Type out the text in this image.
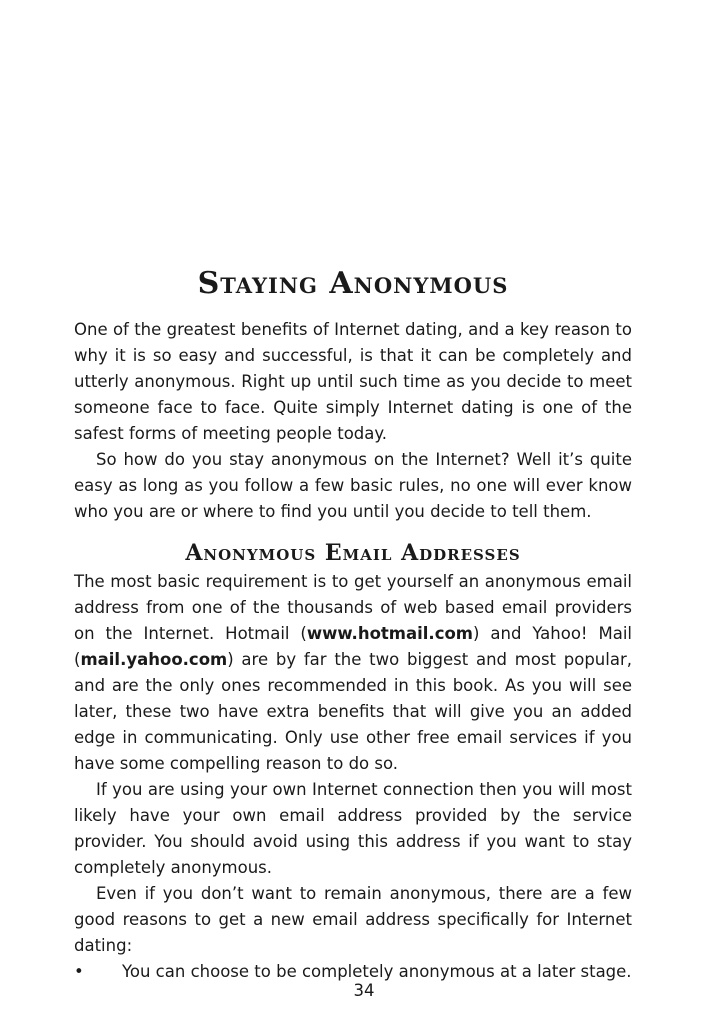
Staying Anonymous

One of the greatest benefits of Internet dating, and a key reason to why it is so easy and successful, is that it can be completely and utterly anonymous. Right up until such time as you decide to meet someone face to face. Quite simply Internet dating is one of the safest forms of meeting people today.

So how do you stay anonymous on the Internet? Well it’s quite easy as long as you follow a few basic rules, no one will ever know who you are or where to find you until you decide to tell them.

Anonymous Email Addresses

The most basic requirement is to get yourself an anonymous email address from one of the thousands of web based email providers on the Internet. Hotmail (www.hotmail.com) and Yahoo! Mail (mail.yahoo.com) are by far the two biggest and most popular, and are the only ones recommended in this book. As you will see later, these two have extra benefits that will give you an added edge in communicating. Only use other free email services if you have some compelling reason to do so.

If you are using your own Internet connection then you will most likely have your own email address provided by the service provider. You should avoid using this address if you want to stay completely anonymous.

Even if you don’t want to remain anonymous, there are a few good reasons to get a new email address specifically for Internet dating:

• You can choose to be completely anonymous at a later stage.

34
